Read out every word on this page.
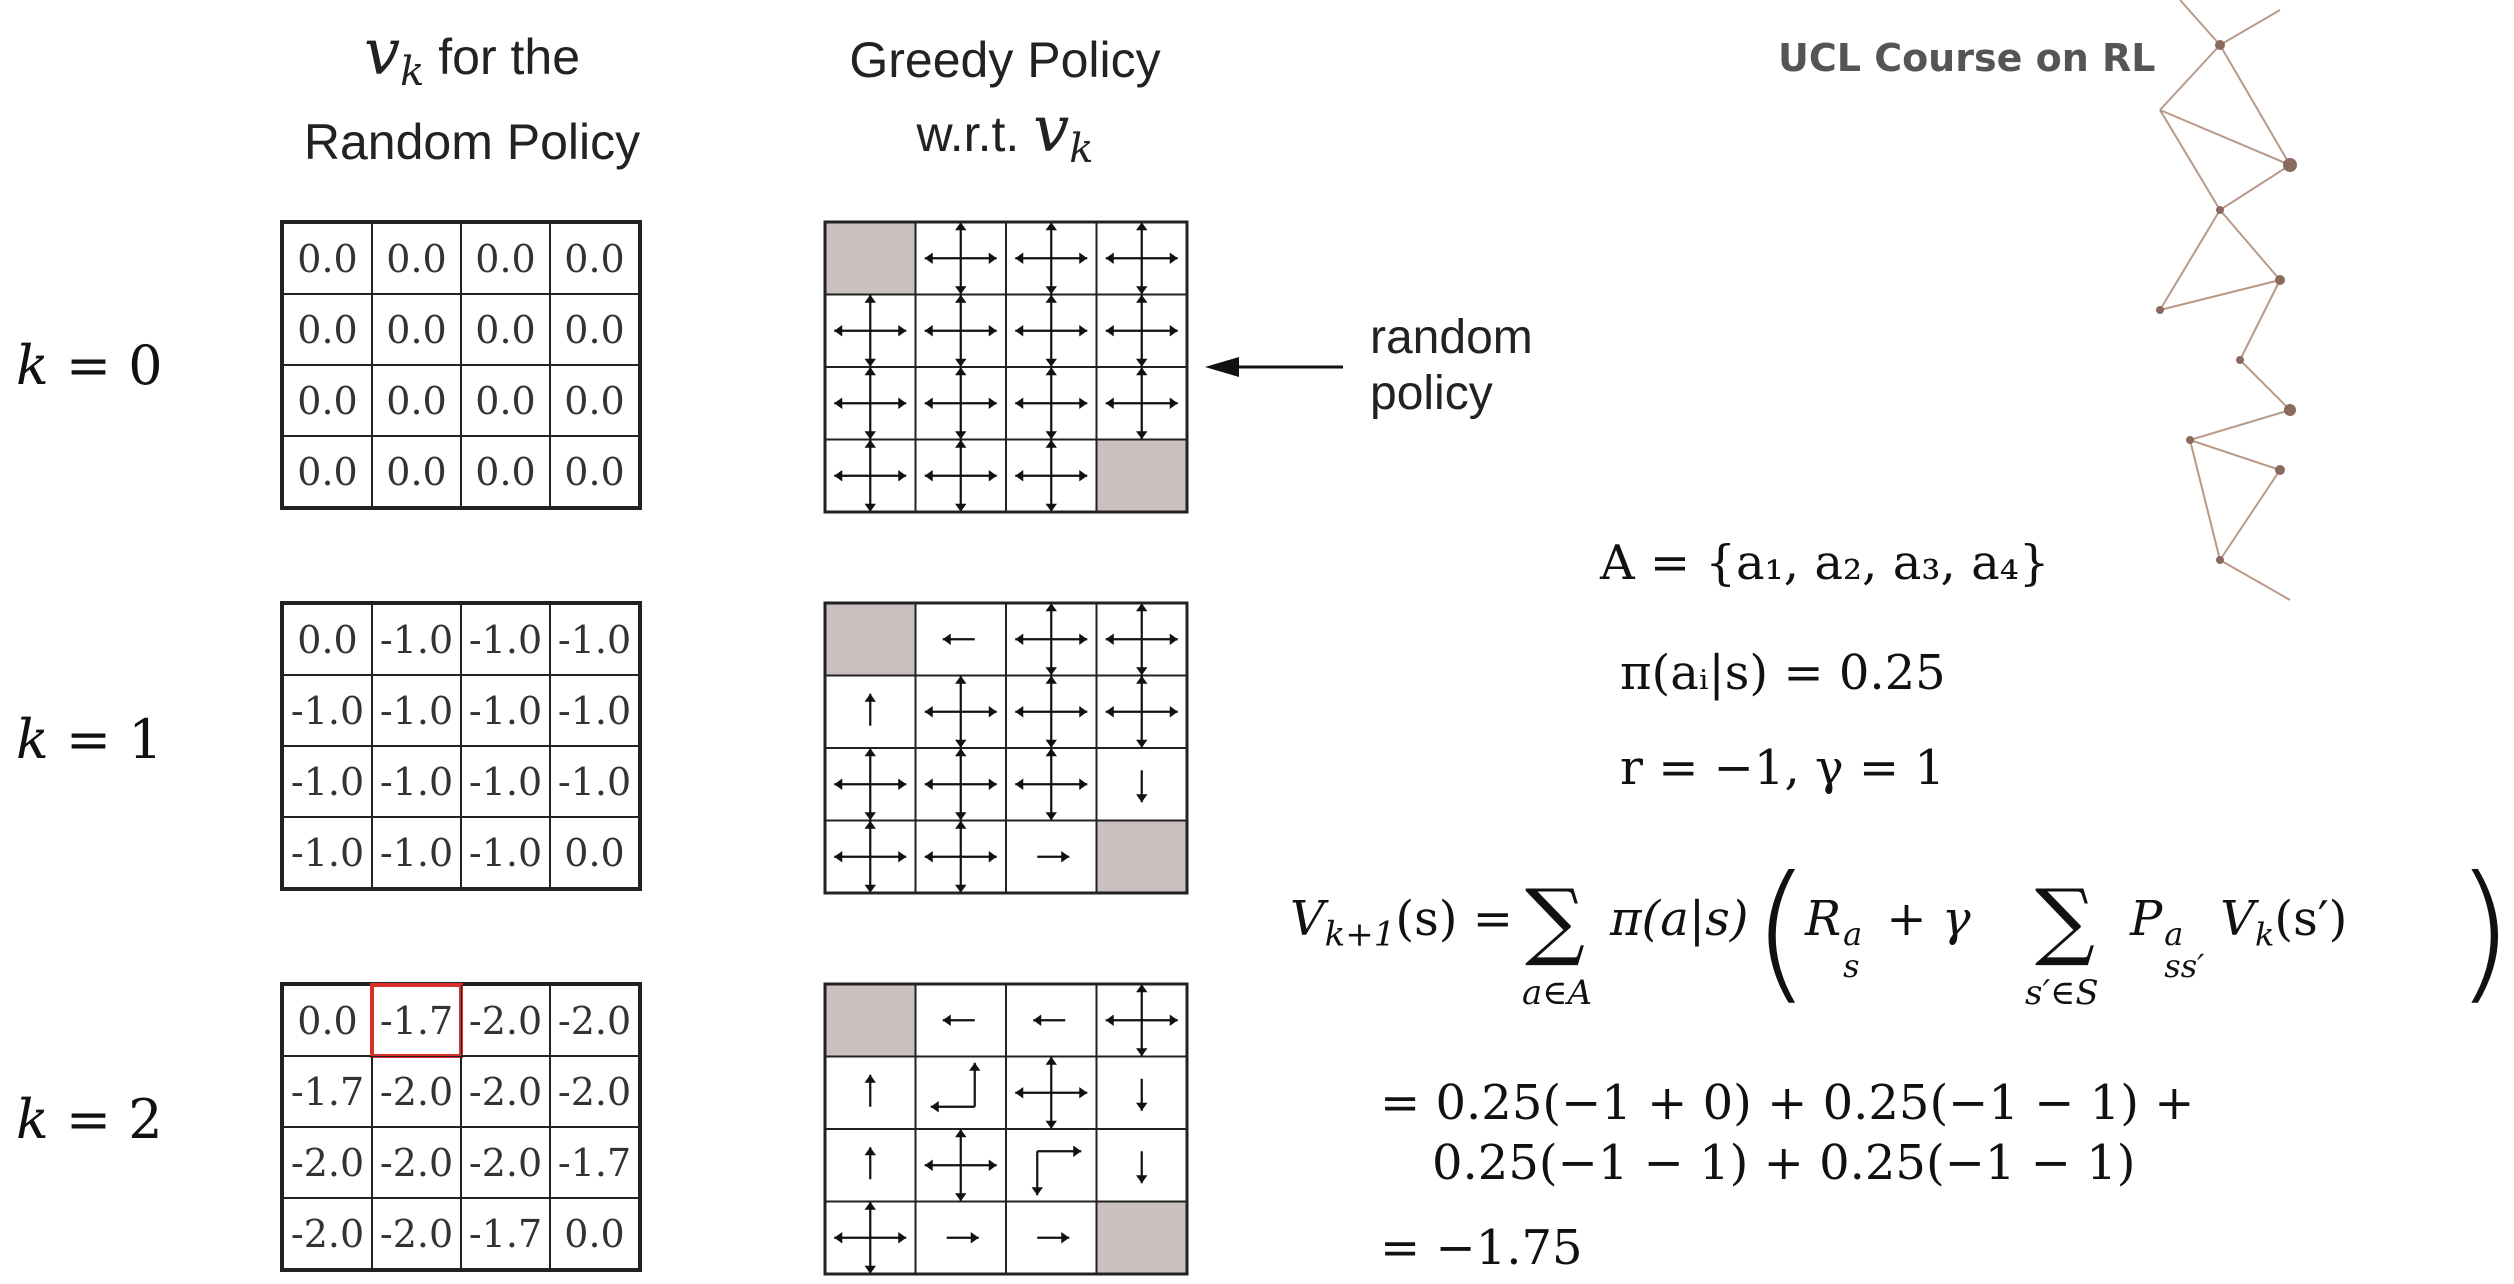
$v_k$ for the
Random Policy
Greedy Policy
w.r.t. $v_k$
UCL Course on RL
k = 0
k = 1
k = 2
0.0 0.0 0.0 0.0
0.0 0.0 0.0 0.0
0.0 0.0 0.0 0.0
0.0 0.0 0.0 0.0
0.0 -1.0 -1.0 -1.0
-1.0 -1.0 -1.0 -1.0
-1.0 -1.0 -1.0 -1.0
-1.0 -1.0 -1.0 0.0
0.0 -1.7 -2.0 -2.0
-1.7 -2.0 -2.0 -2.0
-2.0 -2.0 -2.0 -1.7
-2.0 -2.0 -1.7 0.0
random
policy
A = {a₁, a₂, a₃, a₄}
π(aᵢ|s) = 0.25
r = −1, γ = 1
$V_{k+1}(s)$ = ∑
a∈A
π(a|s) (
R a
s
+ γ ∑
s′∈S
P a
ss′
$V_k(s')$ )
= 0.25(−1 + 0) + 0.25(−1 − 1) +
0.25(−1 − 1) + 0.25(−1 − 1)
= −1.75
